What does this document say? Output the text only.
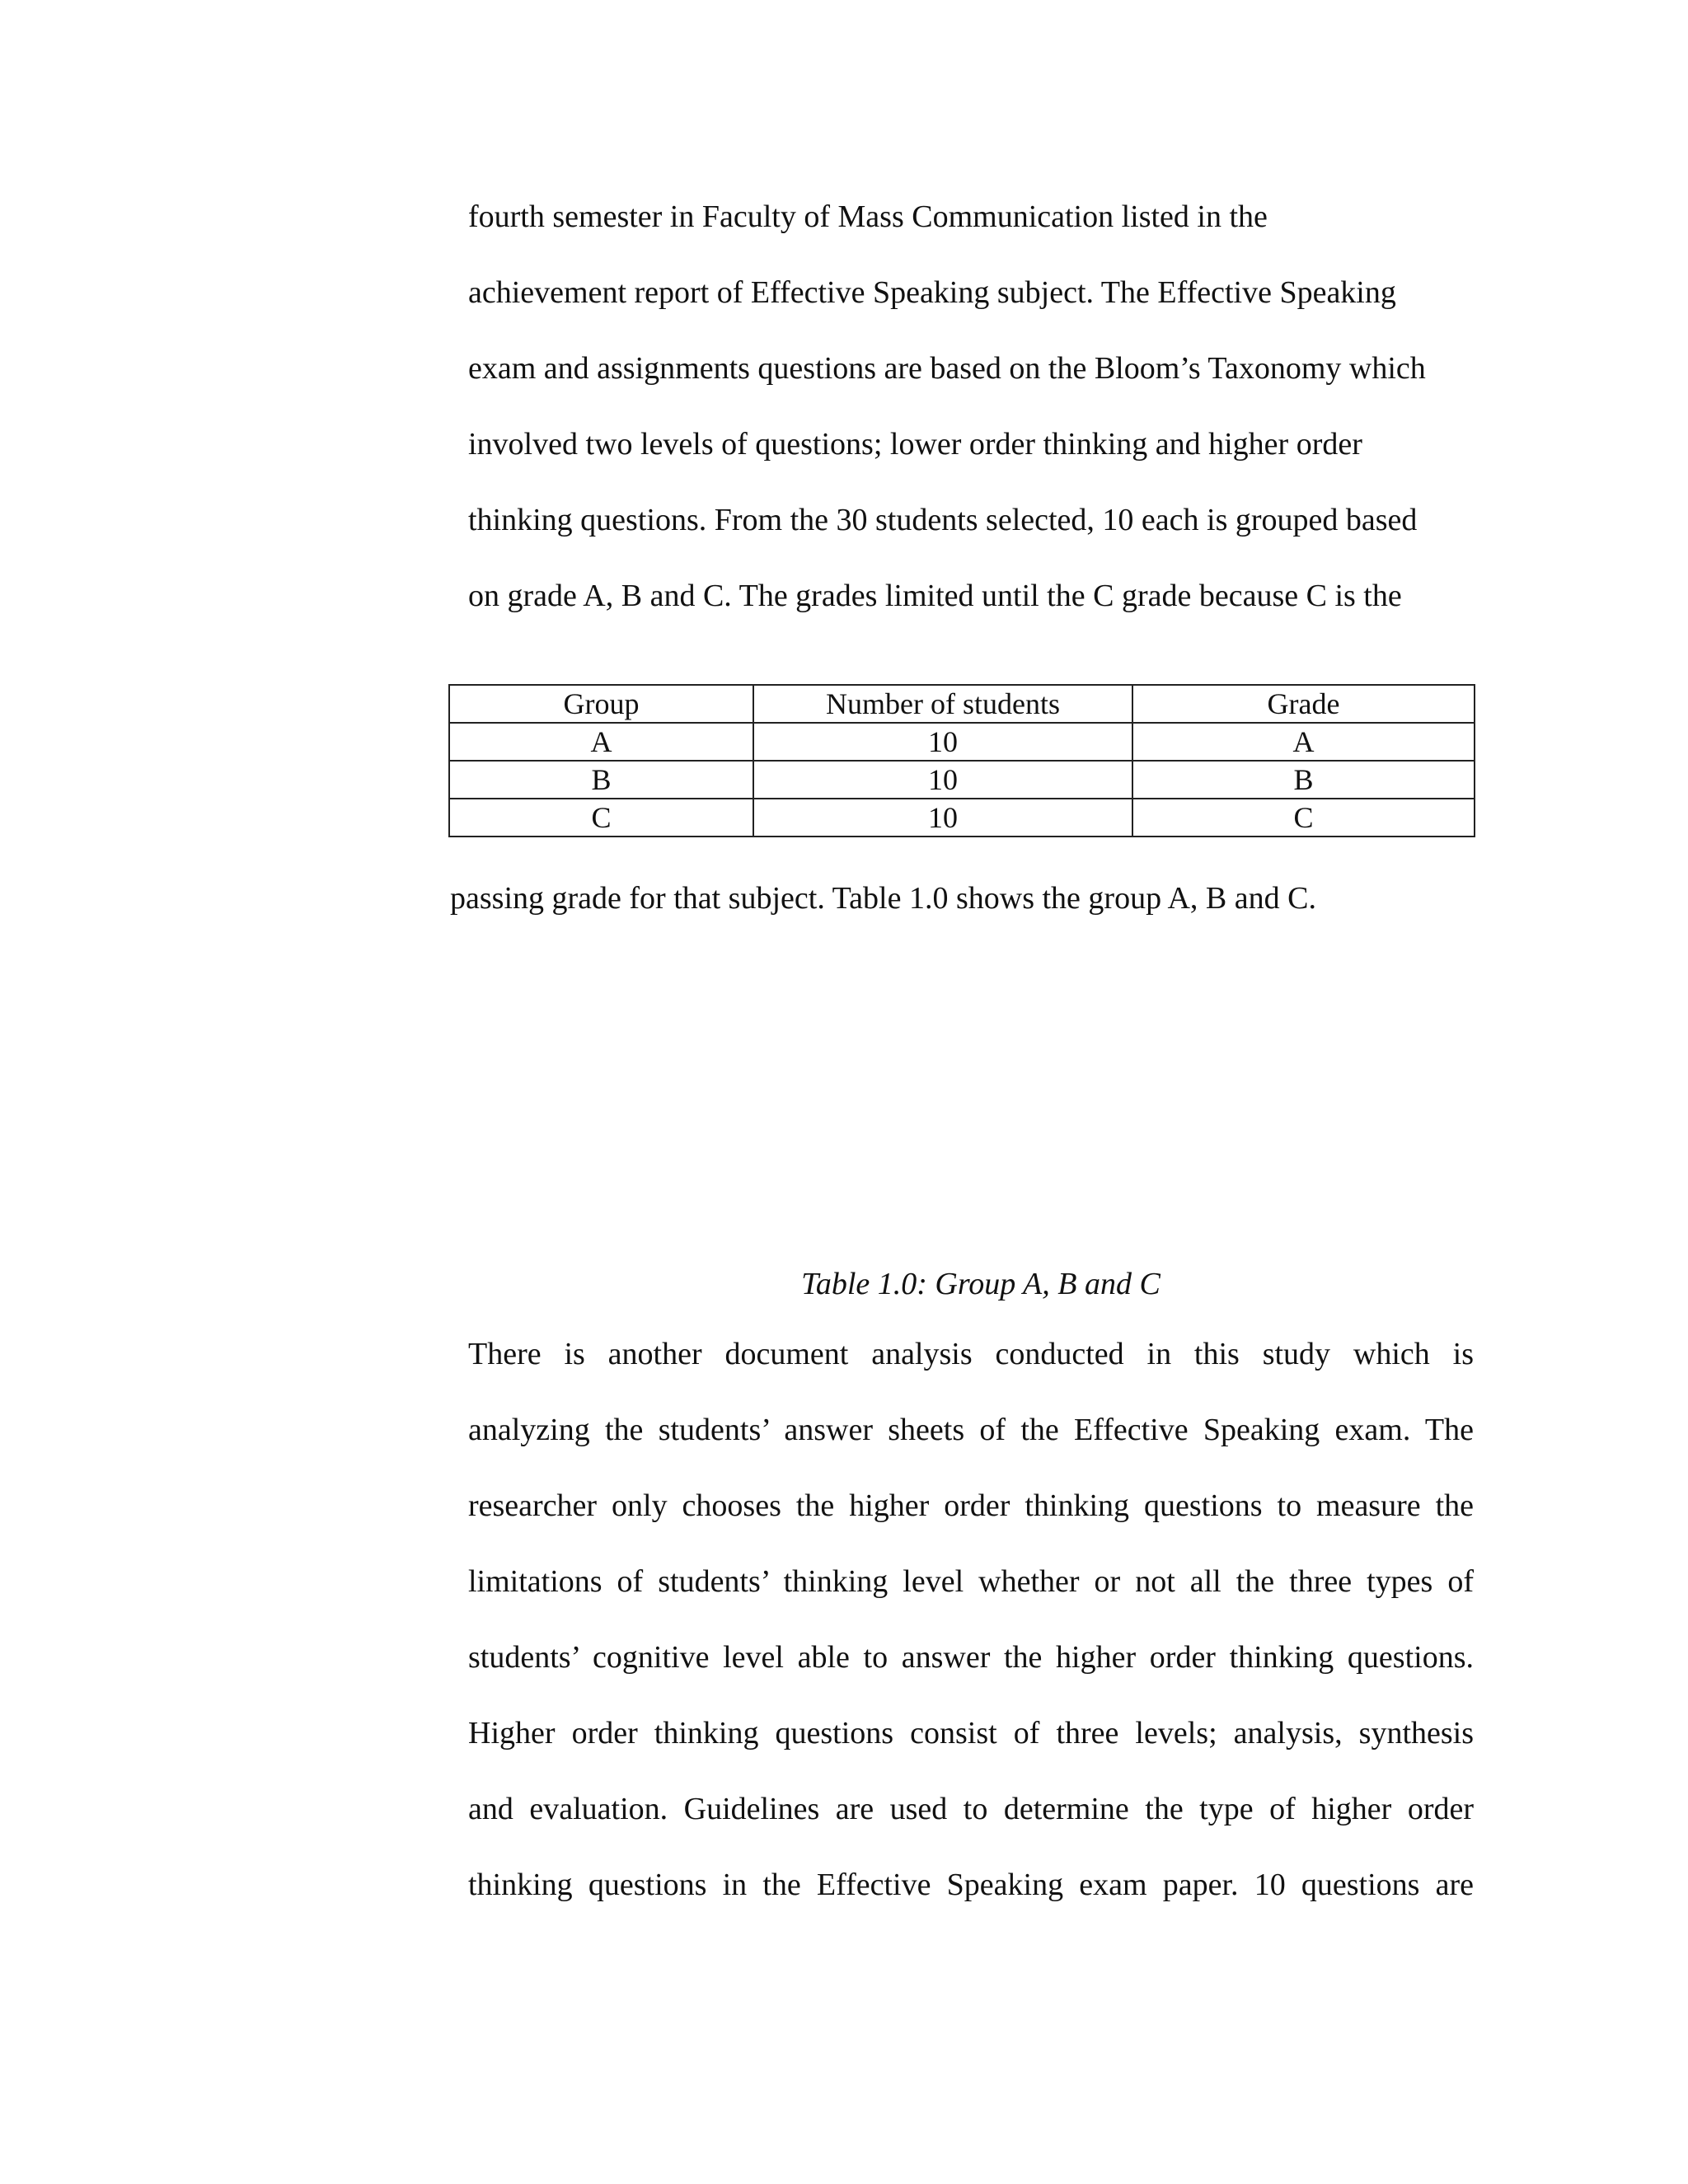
fourth semester in Faculty of Mass Communication listed in the
achievement report of Effective Speaking subject. The Effective Speaking
exam and assignments questions are based on the Bloom’s Taxonomy which
involved two levels of questions; lower order thinking and higher order
thinking questions. From the 30 students selected, 10 each is grouped based
on grade A, B and C. The grades limited until the C grade because C is the
Group	Number of students	Grade
A	10	A
B	10	B
C	10	C

passing grade for that subject. Table 1.0 shows the group A, B and C.

Table 1.0: Group A, B and C

There is another document analysis conducted in this study which is
analyzing the students’ answer sheets of the Effective Speaking exam. The
researcher only chooses the higher order thinking questions to measure the
limitations of students’ thinking level whether or not all the three types of
students’ cognitive level able to answer the higher order thinking questions.
Higher order thinking questions consist of three levels; analysis, synthesis
and evaluation. Guidelines are used to determine the type of higher order
thinking questions in the Effective Speaking exam paper. 10 questions are
